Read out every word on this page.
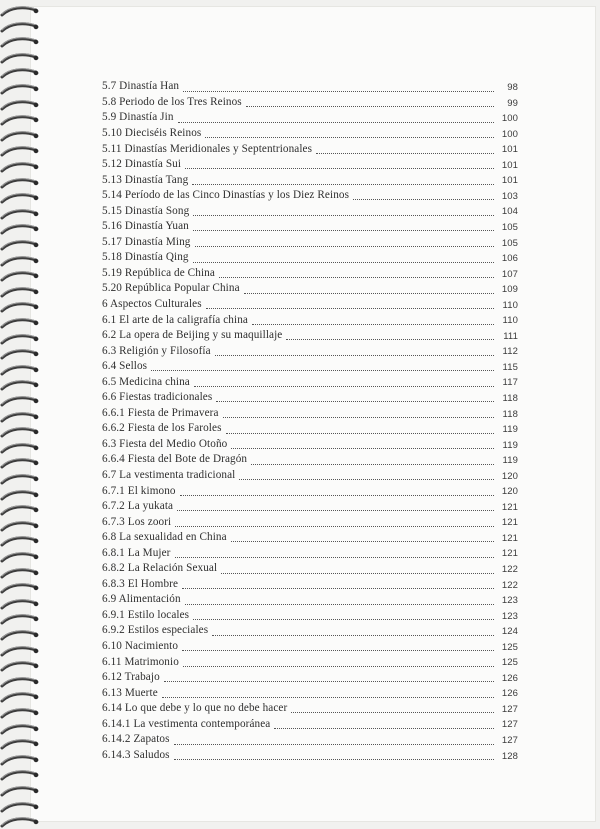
5.7 Dinastía Han	98
5.8 Periodo de los Tres Reinos	99
5.9 Dinastía Jin	100
5.10 Dieciséis Reinos	100
5.11 Dinastías Meridionales y Septentrionales	101
5.12 Dinastía Sui	101
5.13 Dinastía Tang	101
5.14 Período de las Cinco Dinastías y los Diez Reinos	103
5.15 Dinastía Song	104
5.16 Dinastía Yuan	105
5.17 Dinastía Ming	105
5.18 Dinastía Qing	106
5.19 República de China	107
5.20 República Popular China	109
6 Aspectos Culturales	110
6.1 El arte de la caligrafía china	110
6.2 La opera de Beijing y su maquillaje	111
6.3 Religión y Filosofía	112
6.4 Sellos	115
6.5 Medicina china	117
6.6 Fiestas tradicionales	118
6.6.1 Fiesta de Primavera	118
6.6.2 Fiesta de los Faroles	119
6.3 Fiesta del Medio Otoño	119
6.6.4 Fiesta del Bote de Dragón	119
6.7 La vestimenta tradicional	120
6.7.1 El kimono	120
6.7.2 La yukata	121
6.7.3 Los zoori	121
6.8 La sexualidad en China	121
6.8.1 La Mujer	121
6.8.2 La Relación Sexual	122
6.8.3 El Hombre	122
6.9 Alimentación	123
6.9.1 Estilo locales	123
6.9.2 Estilos especiales	124
6.10 Nacimiento	125
6.11 Matrimonio	125
6.12 Trabajo	126
6.13 Muerte	126
6.14 Lo que debe y lo que no debe hacer	127
6.14.1 La vestimenta contemporánea	127
6.14.2 Zapatos	127
6.14.3 Saludos	128
